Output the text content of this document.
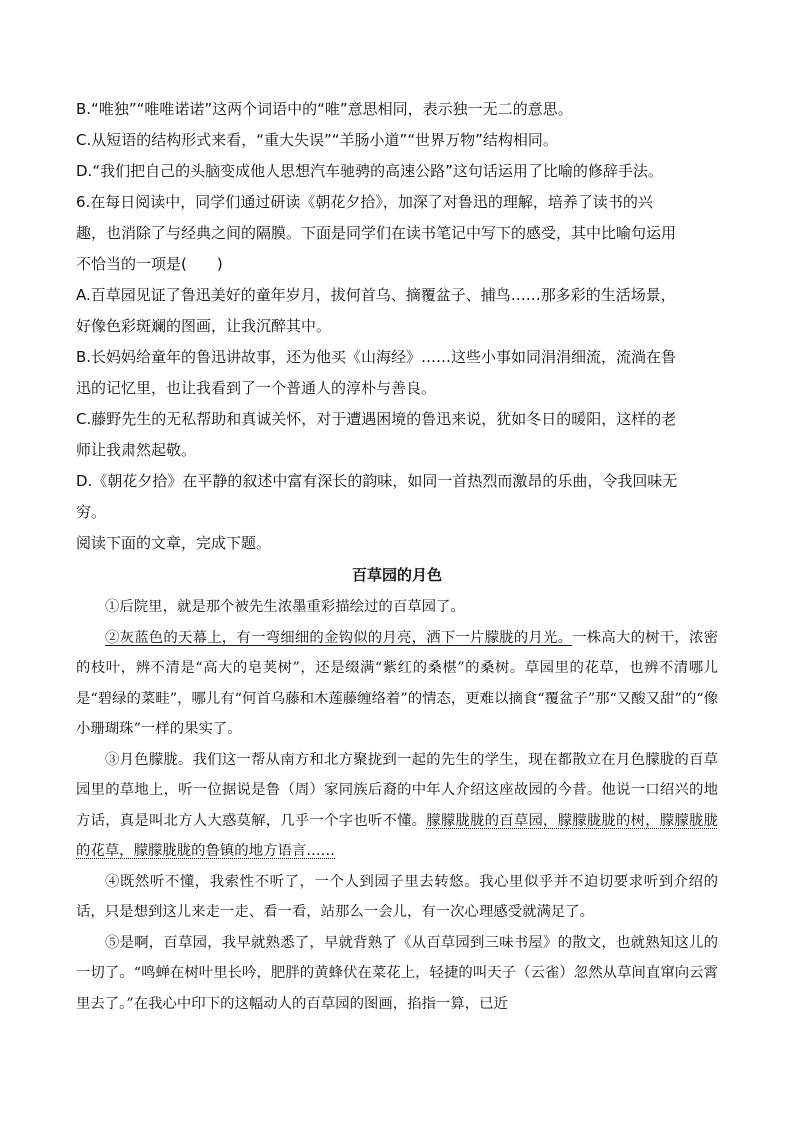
B.“唯独”“唯唯诺诺”这两个词语中的“唯”意思相同，表示独一无二的意思。
C.从短语的结构形式来看，“重大失误”“羊肠小道”“世界万物”结构相同。
D.“我们把自己的头脑变成他人思想汽车驰骋的高速公路”这句话运用了比喻的修辞手法。
6.在每日阅读中，同学们通过研读《朝花夕拾》，加深了对鲁迅的理解，培养了读书的兴
趣，也消除了与经典之间的隔膜。下面是同学们在读书笔记中写下的感受，其中比喻句运用
不恰当的一项是(　　)
A.百草园见证了鲁迅美好的童年岁月，拔何首乌、摘覆盆子、捕鸟……那多彩的生活场景，
好像色彩斑斓的图画，让我沉醉其中。
B.长妈妈给童年的鲁迅讲故事，还为他买《山海经》……这些小事如同涓涓细流，流淌在鲁
迅的记忆里，也让我看到了一个普通人的淳朴与善良。
C.藤野先生的无私帮助和真诚关怀，对于遭遇困境的鲁迅来说，犹如冬日的暖阳，这样的老
师让我肃然起敬。
D.《朝花夕拾》在平静的叙述中富有深长的韵味，如同一首热烈而激昂的乐曲，令我回味无
穷。
阅读下面的文章，完成下题。
百草园的月色

①后院里，就是那个被先生浓墨重彩描绘过的百草园了。

②灰蓝色的天幕上，有一弯细细的金钩似的月亮，洒下一片朦胧的月光。一株高大的树干，浓密的枝叶，辨不清是“高大的皂荚树”，还是缀满“紫红的桑椹”的桑树。草园里的花草，也辨不清哪儿是“碧绿的菜畦”，哪儿有“何首乌藤和木莲藤缠络着”的情态，更难以摘食“覆盆子”那“又酸又甜”的“像小珊瑚珠”一样的果实了。

③月色朦胧。我们这一帮从南方和北方聚拢到一起的先生的学生，现在都散立在月色朦胧的百草园里的草地上，听一位据说是鲁（周）家同族后裔的中年人介绍这座故园的今昔。他说一口绍兴的地方话，真是叫北方人大惑莫解，几乎一个字也听不懂。朦朦胧胧的百草园，朦朦胧胧的树，朦朦胧胧的花草，朦朦胧胧的鲁镇的地方语言……

④既然听不懂，我索性不听了，一个人到园子里去转悠。我心里似乎并不迫切要求听到介绍的话，只是想到这儿来走一走、看一看，站那么一会儿，有一次心理感受就满足了。

⑤是啊，百草园，我早就熟悉了，早就背熟了《从百草园到三味书屋》的散文，也就熟知这儿的一切了。“鸣蝉在树叶里长吟，肥胖的黄蜂伏在菜花上，轻捷的叫天子（云雀）忽然从草间直窜向云霄里去了。”在我心中印下的这幅动人的百草园的图画，掐指一算，已近
